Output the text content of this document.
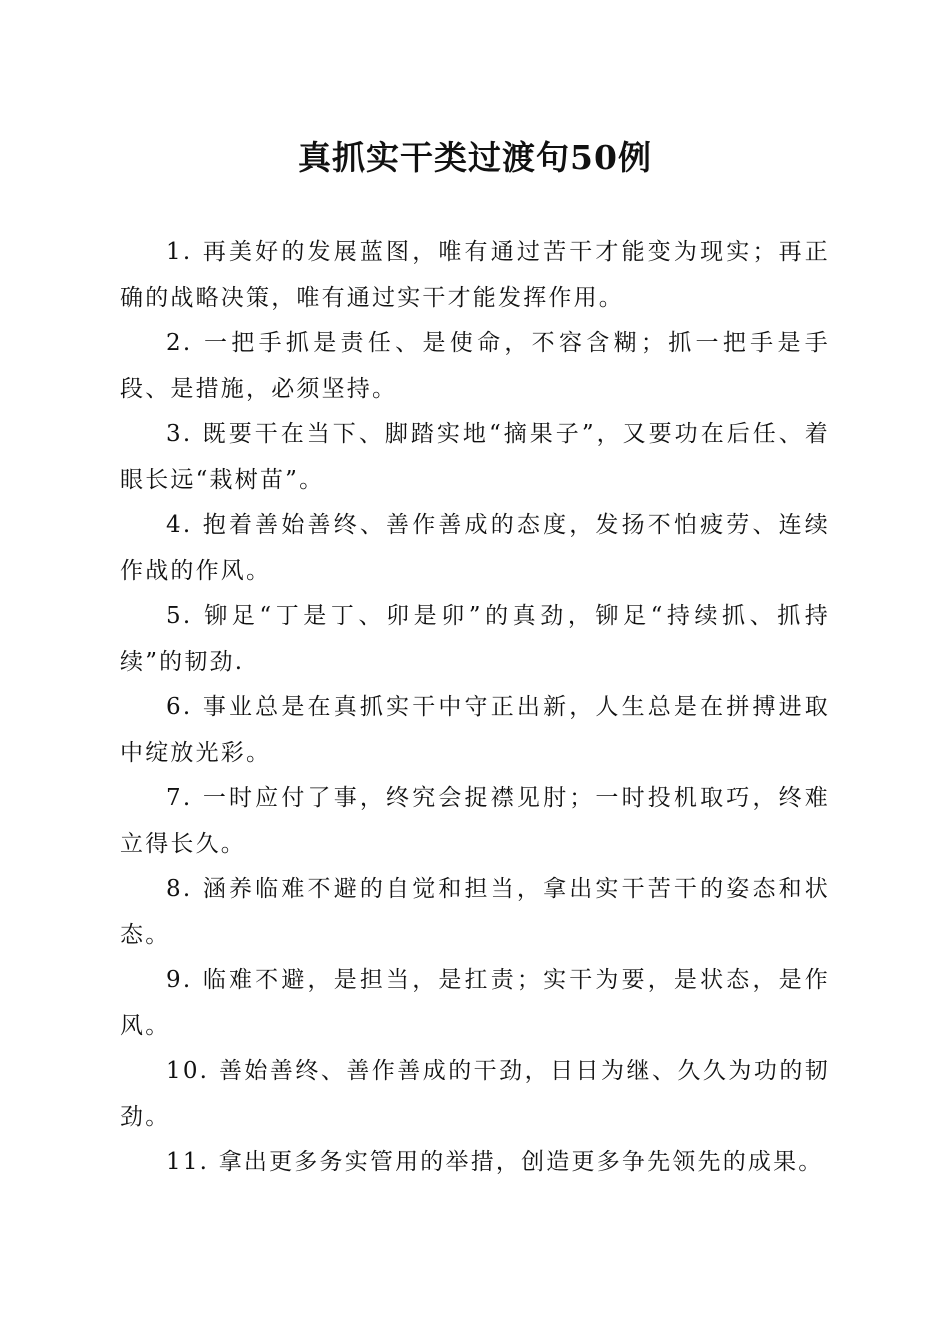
真抓实干类过渡句50例

1. 再美好的发展蓝图，唯有通过苦干才能变为现实；再正确的战略决策，唯有通过实干才能发挥作用。

2. 一把手抓是责任、是使命，不容含糊；抓一把手是手段、是措施，必须坚持。

3. 既要干在当下、脚踏实地“摘果子”，又要功在后任、着眼长远“栽树苗”。

4. 抱着善始善终、善作善成的态度，发扬不怕疲劳、连续作战的作风。

5. 铆足“丁是丁、卯是卯”的真劲，铆足“持续抓、抓持续”的韧劲.

6. 事业总是在真抓实干中守正出新，人生总是在拼搏进取中绽放光彩。

7. 一时应付了事，终究会捉襟见肘；一时投机取巧，终难立得长久。

8. 涵养临难不避的自觉和担当，拿出实干苦干的姿态和状态。

9. 临难不避，是担当，是扛责；实干为要，是状态，是作风。

10. 善始善终、善作善成的干劲，日日为继、久久为功的韧劲。

11. 拿出更多务实管用的举措，创造更多争先领先的成果。
